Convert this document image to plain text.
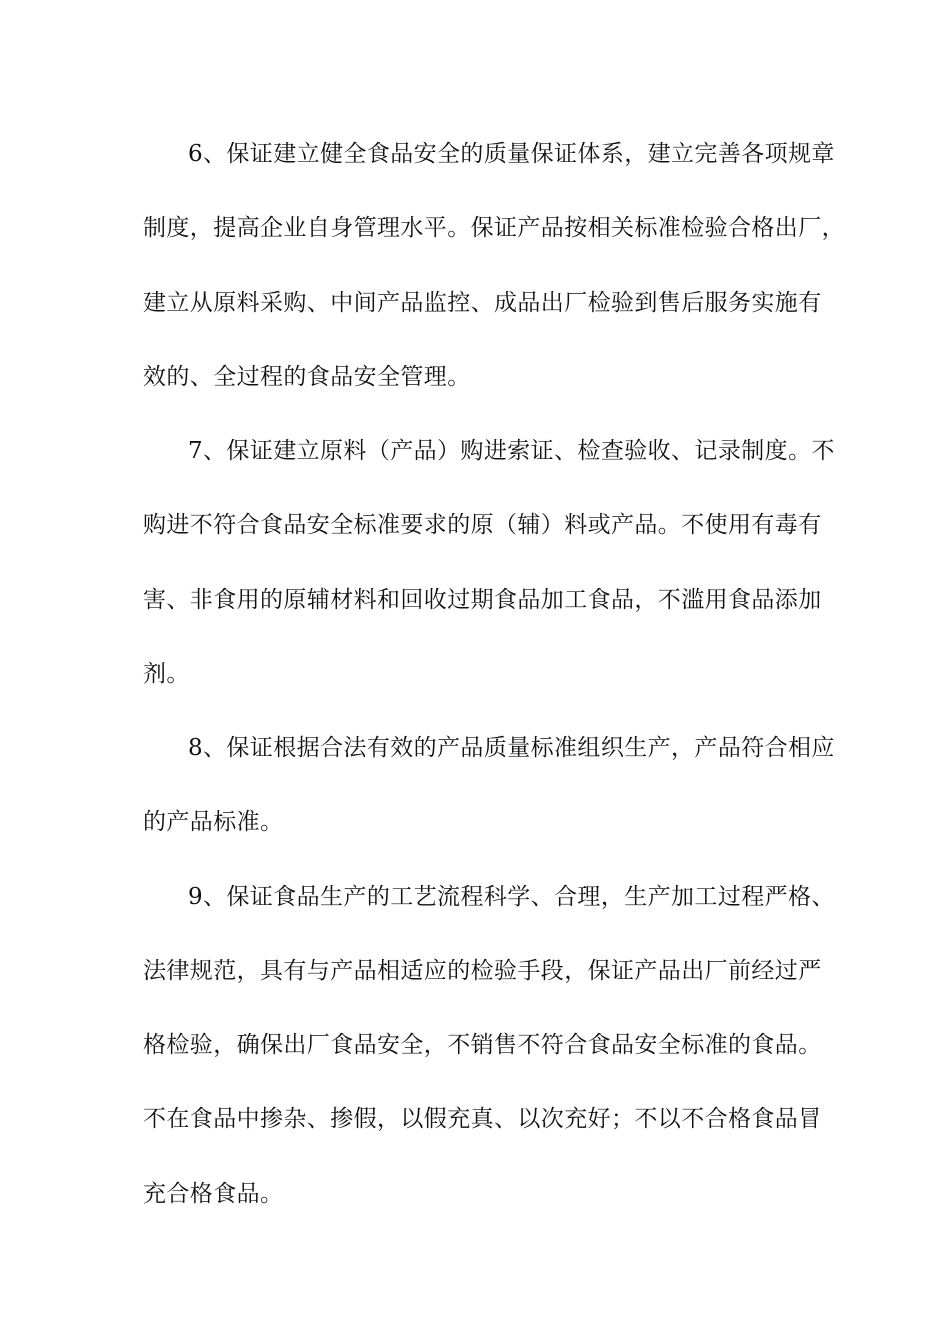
6、保证建立健全食品安全的质量保证体系，建立完善各项规章
制度，提高企业自身管理水平。保证产品按相关标准检验合格出厂，
建立从原料采购、中间产品监控、成品出厂检验到售后服务实施有
效的、全过程的食品安全管理。
7、保证建立原料（产品）购进索证、检查验收、记录制度。不
购进不符合食品安全标准要求的原（辅）料或产品。不使用有毒有
害、非食用的原辅材料和回收过期食品加工食品，不滥用食品添加
剂。
8、保证根据合法有效的产品质量标准组织生产，产品符合相应
的产品标准。
9、保证食品生产的工艺流程科学、合理，生产加工过程严格、
法律规范，具有与产品相适应的检验手段，保证产品出厂前经过严
格检验，确保出厂食品安全，不销售不符合食品安全标准的食品。
不在食品中掺杂、掺假，以假充真、以次充好；不以不合格食品冒
充合格食品。
